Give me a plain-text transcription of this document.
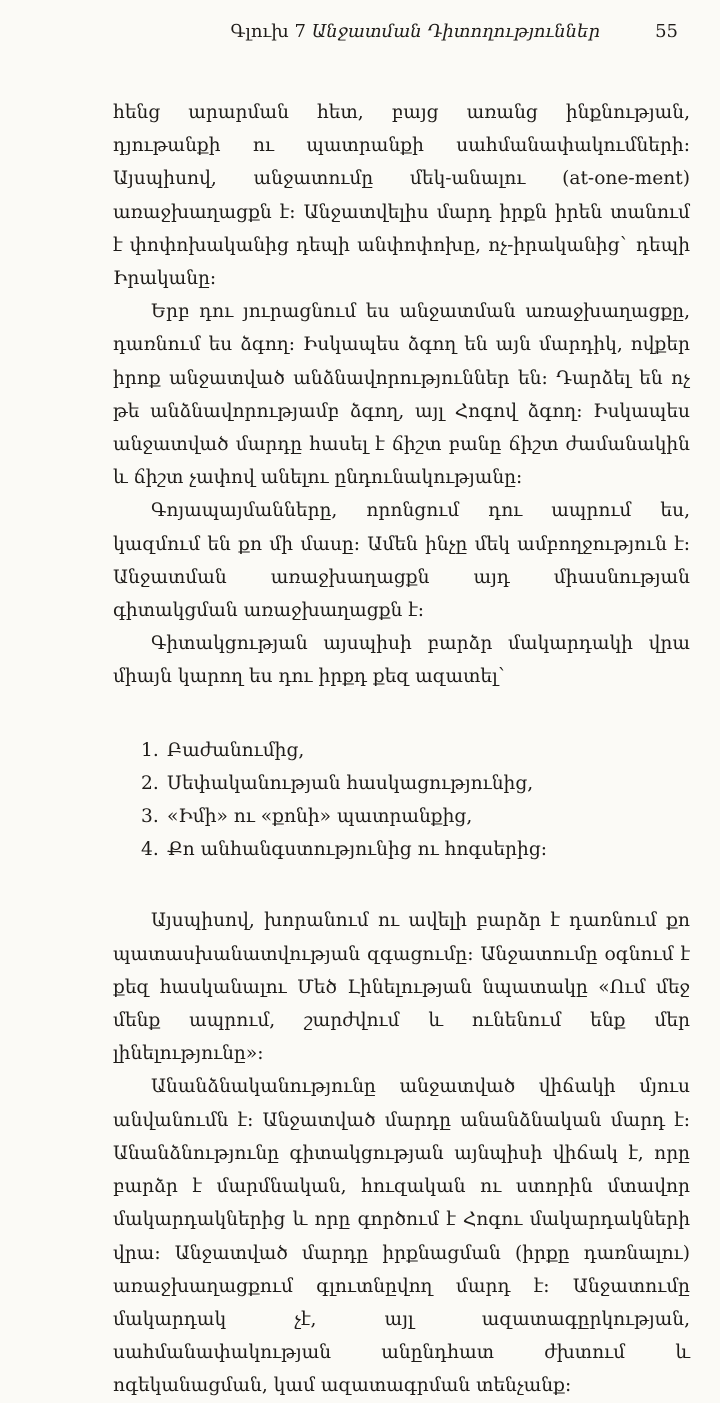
Գլուխ 7 Անջատման Դիտողություններ	55

հենց արարման հետ, բայց առանց ինքնության, դյութանքի ու պատրանքի սահմանափակումների: Այսպիսով, անջատումը մեկ-անալու (at-one-ment) առաջխաղացքն է: Անջատվելիս մարդ իրքն իրեն տանում է փոփոխականից դեպի անփոփոխը, ոչ-իրականից` դեպի Իրականը:

Երբ դու յուրացնում ես անջատման առաջխաղացքը, դառնում ես ձգող: Իսկապես ձգող են այն մարդիկ, ովքեր իրոք անջատված անձնավորություններ են: Դարձել են ոչ թե անձնավորությամբ ձգող, այլ Հոգով ձգող: Իսկապես անջատված մարդը հասել է ճիշտ բանը ճիշտ ժամանակին և ճիշտ չափով անելու ընդունակությանը:

Գոյապայմանները, որոնցում դու ապրում ես, կազմում են քո մի մասը: Ամեն ինչը մեկ ամբողջություն է: Անջատման առաջխաղացքն այդ միասնության գիտակցման առաջխաղացքն է:

Գիտակցության այսպիսի բարձր մակարդակի վրա միայն կարող ես դու իրքդ քեզ ազատել`

1. Բաժանումից,
2. Սեփականության հասկացությունից,
3. «Իմի» ու «քոնի» պատրանքից,
4. Քո անհանգստությունից ու հոգսերից:

Այսպիսով, խորանում ու ավելի բարձր է դառնում քո պատասխանատվության զգացումը: Անջատումը օգնում է քեզ հասկանալու Մեծ Լինելության նպատակը «Ում մեջ մենք ապրում, շարժվում և ունենում ենք մեր լինելությունը»:

Անանձնականությունը անջատված վիճակի մյուս անվանումն է: Անջատված մարդը անանձնական մարդ է: Անանձնությունը գիտակցության այնպիսի վիճակ է, որը բարձր է մարմնական, հուզական ու ստորին մտավոր մակարդակներից և որը գործում է Հոգու մակարդակների վրա: Անջատված մարդը իրքնացման (իրքը դառնալու) առաջխաղացքում գլուտնըվող մարդ է: Անջատումը մակարդակ չէ, այլ ազատագըրկության, սահմանափակության անընդհատ ժխտում և ոգեկանացման, կամ ազատագրման տենչանք:
